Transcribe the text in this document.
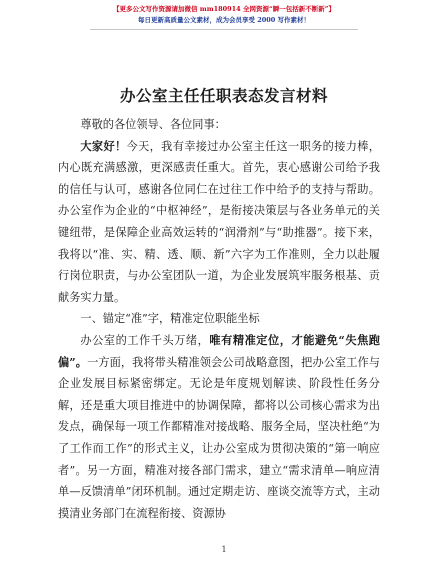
【更多公文写作资源请加微信 mm180914 全网资源“瞬一包括新不断新”】
每日更新高质量公文素材，成为会员享受 2000 写作素材！
办公室主任任职表态发言材料

尊敬的各位领导、各位同事：

大家好！今天，我有幸接过办公室主任这一职务的接力棒，内心既充满感激，更深感责任重大。首先，衷心感谢公司给予我的信任与认可，感谢各位同仁在过往工作中给予的支持与帮助。办公室作为企业的“中枢神经”，是衔接决策层与各业务单元的关键纽带，是保障企业高效运转的“润滑剂”与“助推器”。接下来，我将以“准、实、精、透、顺、新”六字为工作准则，全力以赴履行岗位职责，与办公室团队一道，为企业发展筑牢服务根基、贡献务实力量。

一、锚定“准”字，精准定位职能坐标

办公室的工作千头万绪，唯有精准定位，才能避免“失焦跑偏”。一方面，我将带头精准领会公司战略意图，把办公室工作与企业发展目标紧密绑定。无论是年度规划解读、阶段性任务分解，还是重大项目推进中的协调保障，都将以公司核心需求为出发点，确保每一项工作都精准对接战略、服务全局，坚决杜绝“为了工作而工作”的形式主义，让办公室成为贯彻决策的“第一响应者”。另一方面，精准对接各部门需求，建立“需求清单—响应清单—反馈清单”闭环机制。通过定期走访、座谈交流等方式，主动摸清业务部门在流程衔接、资源协

1
